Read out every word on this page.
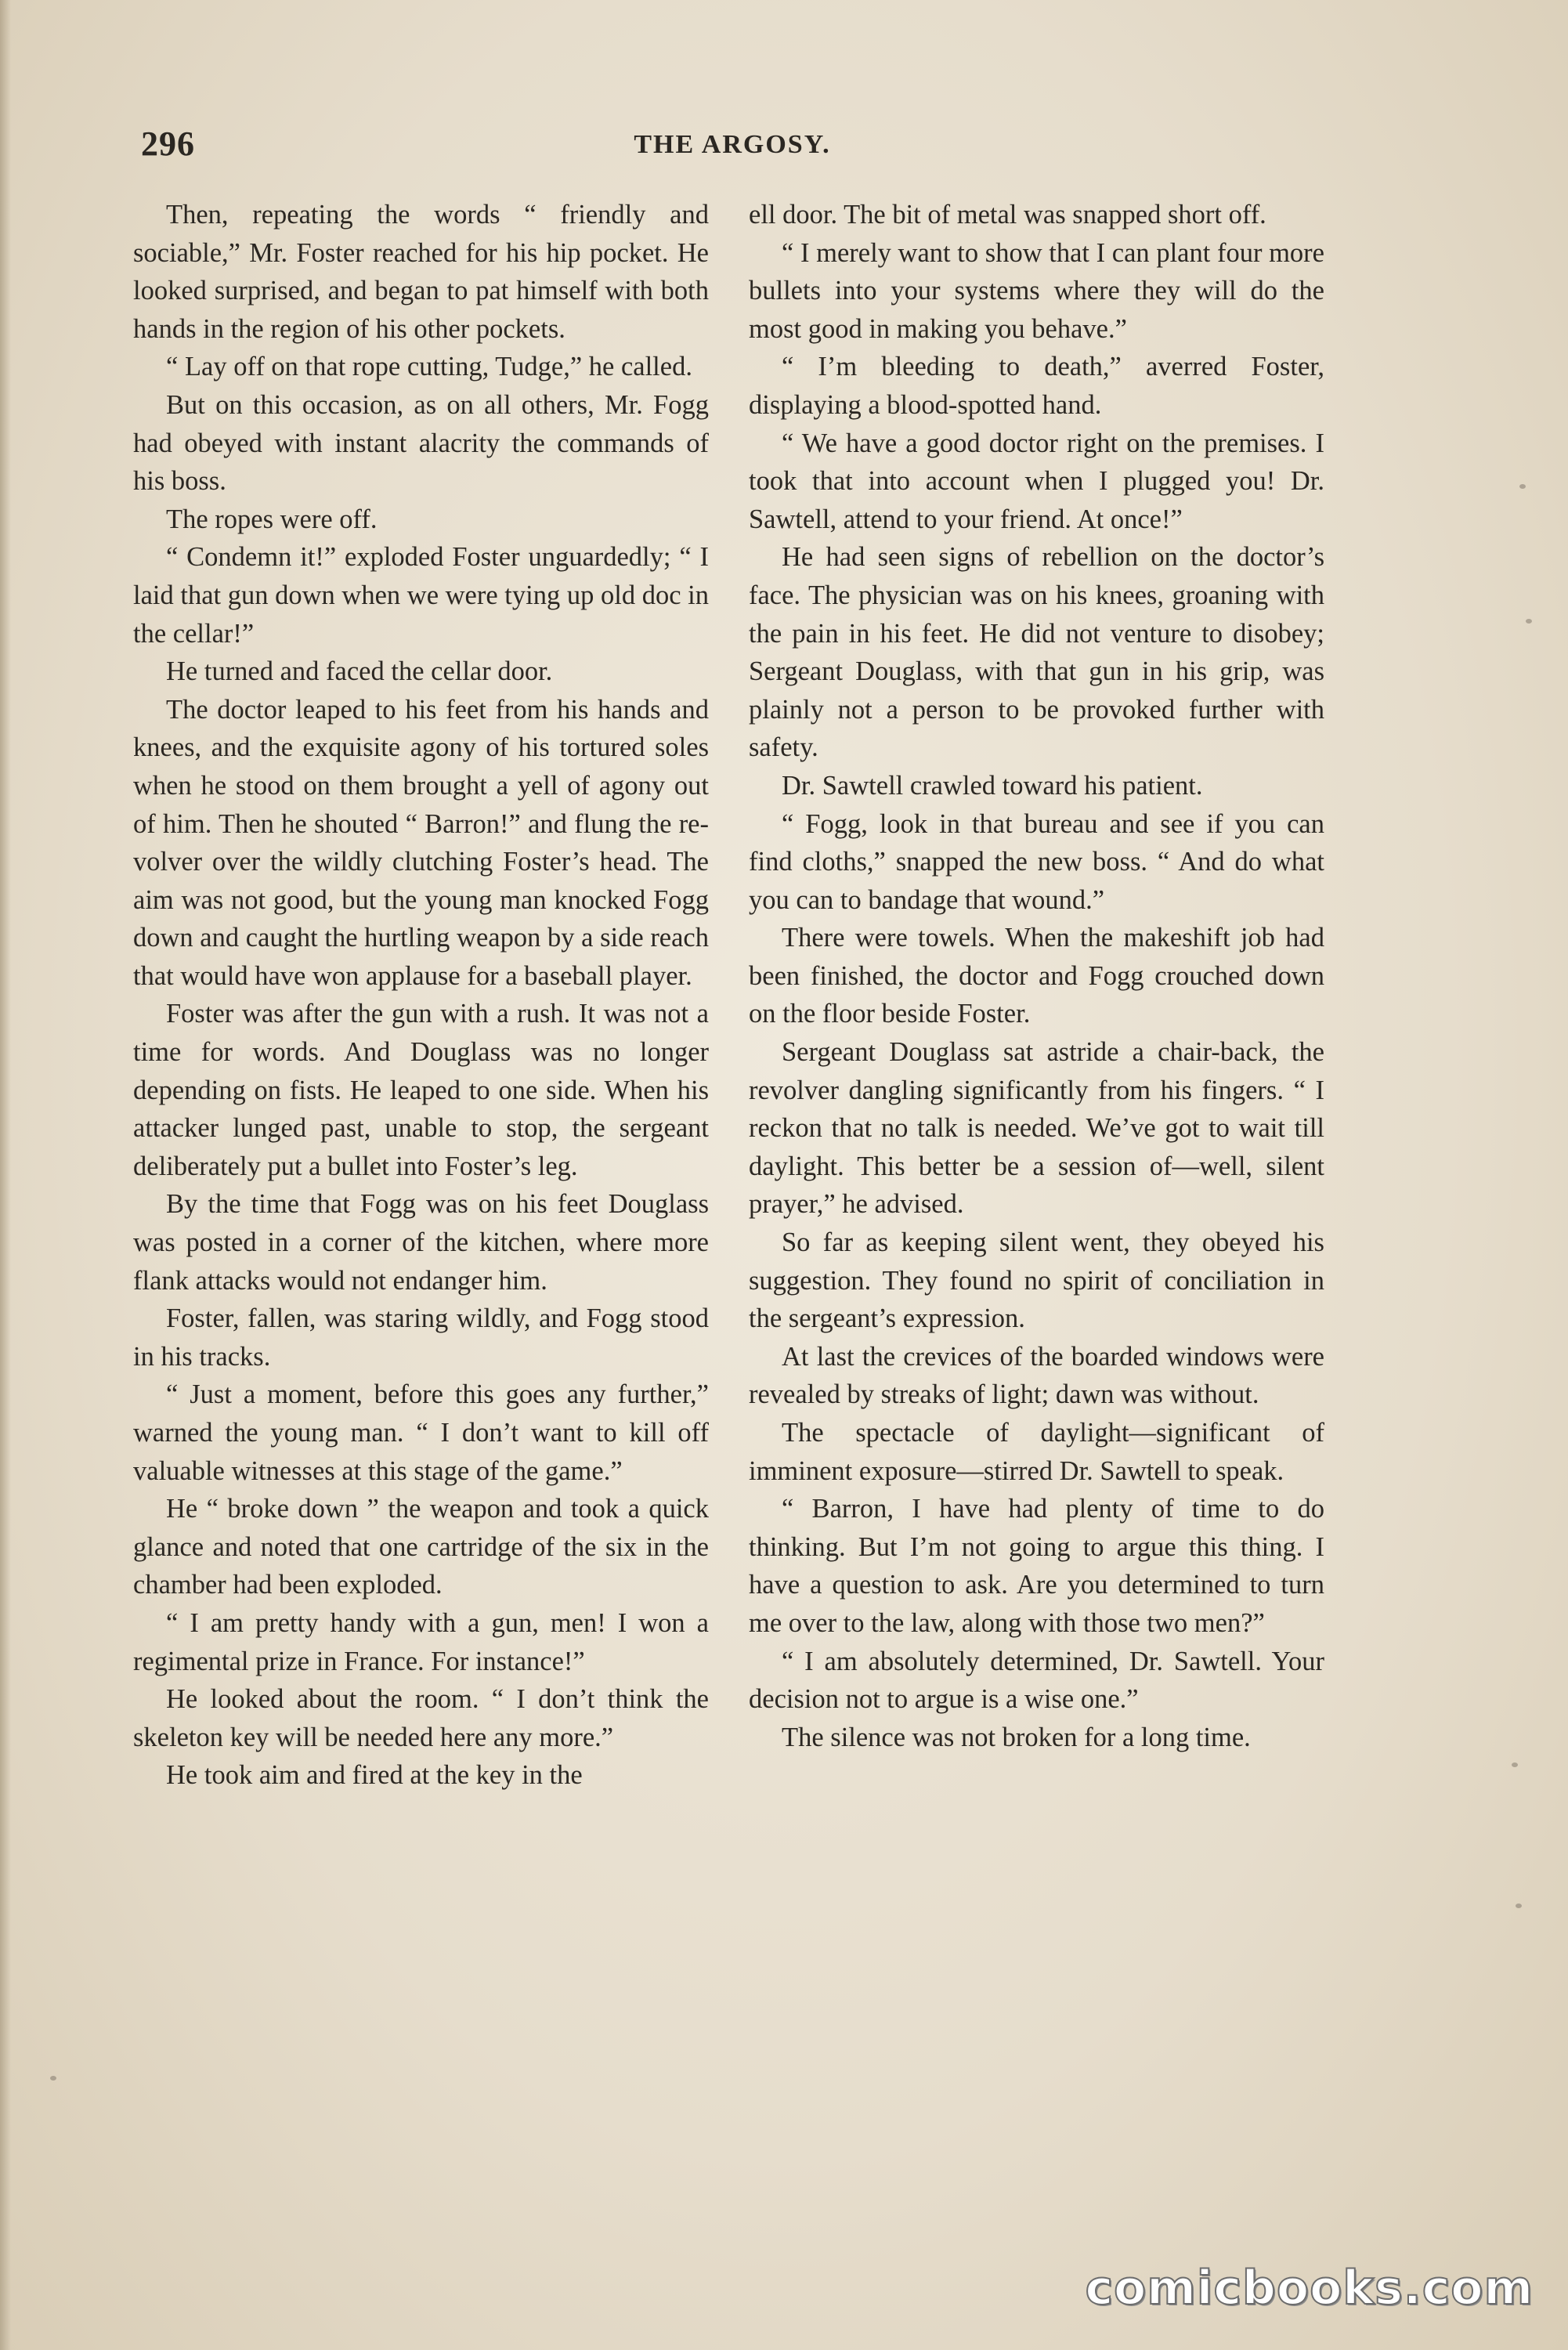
296	THE ARGOSY.

Then, repeating the words “ friendly and sociable,” Mr. Foster reached for his hip pocket. He looked surprised, and began to pat himself with both hands in the region of his other pockets.

“ Lay off on that rope cutting, Tudge,” he called.

But on this occasion, as on all others, Mr. Fogg had obeyed with instant alacrity the commands of his boss.

The ropes were off.

“ Condemn it!” exploded Foster unguardedly; “ I laid that gun down when we were tying up old doc in the cellar!”

He turned and faced the cellar door.

The doctor leaped to his feet from his hands and knees, and the exquisite agony of his tortured soles when he stood on them brought a yell of agony out of him. Then he shouted “ Barron!” and flung the revolver over the wildly clutching Foster’s head. The aim was not good, but the young man knocked Fogg down and caught the hurtling weapon by a side reach that would have won applause for a baseball player.

Foster was after the gun with a rush. It was not a time for words. And Douglass was no longer depending on fists. He leaped to one side. When his attacker lunged past, unable to stop, the sergeant deliberately put a bullet into Foster’s leg.

By the time that Fogg was on his feet Douglass was posted in a corner of the kitchen, where more flank attacks would not endanger him.

Foster, fallen, was staring wildly, and Fogg stood in his tracks.

“ Just a moment, before this goes any further,” warned the young man. “ I don’t want to kill off valuable witnesses at this stage of the game.”

He “ broke down ” the weapon and took a quick glance and noted that one cartridge of the six in the chamber had been exploded.

“ I am pretty handy with a gun, men! I won a regimental prize in France. For instance!”

He looked about the room. “ I don’t think the skeleton key will be needed here any more.”

He took aim and fired at the key in the

ell door. The bit of metal was snapped short off.

“ I merely want to show that I can plant four more bullets into your systems where they will do the most good in making you behave.”

“ I’m bleeding to death,” averred Foster, displaying a blood-spotted hand.

“ We have a good doctor right on the premises. I took that into account when I plugged you! Dr. Sawtell, attend to your friend. At once!”

He had seen signs of rebellion on the doctor’s face. The physician was on his knees, groaning with the pain in his feet. He did not venture to disobey; Sergeant Douglass, with that gun in his grip, was plainly not a person to be provoked further with safety.

Dr. Sawtell crawled toward his patient.

“ Fogg, look in that bureau and see if you can find cloths,” snapped the new boss. “ And do what you can to bandage that wound.”

There were towels. When the makeshift job had been finished, the doctor and Fogg crouched down on the floor beside Foster.

Sergeant Douglass sat astride a chair-back, the revolver dangling significantly from his fingers. “ I reckon that no talk is needed. We’ve got to wait till daylight. This better be a session of—well, silent prayer,” he advised.

So far as keeping silent went, they obeyed his suggestion. They found no spirit of conciliation in the sergeant’s expression.

At last the crevices of the boarded windows were revealed by streaks of light; dawn was without.

The spectacle of daylight—significant of imminent exposure—stirred Dr. Sawtell to speak.

“ Barron, I have had plenty of time to do thinking. But I’m not going to argue this thing. I have a question to ask. Are you determined to turn me over to the law, along with those two men?”

“ I am absolutely determined, Dr. Sawtell. Your decision not to argue is a wise one.”

The silence was not broken for a long time.

comicbooks.com
